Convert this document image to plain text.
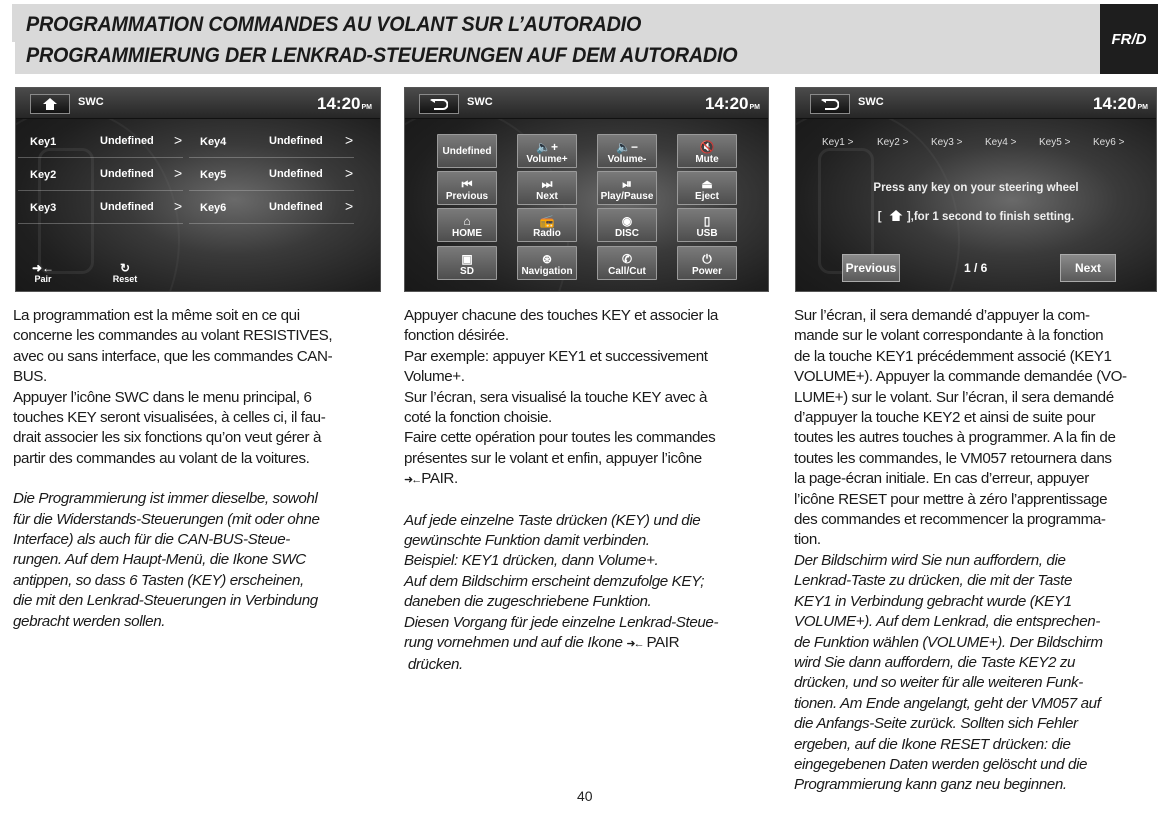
PROGRAMMATION COMMANDES AU VOLANT SUR L’AUTORADIO
PROGRAMMIERUNG DER LENKRAD-STEUERUNGEN AUF DEM AUTORADIO
FR/D
SWC	14:20PM
Key1	Undefined >
Key2	Undefined >
Key3	Undefined >
Key4	Undefined >
Key5	Undefined >
Key6	Undefined >
➜←
Pair
↻
Reset
SWC	14:20PM
Undefined	🔈+
Volume+
🔈−
Volume-
🔇
Mute
⏮
Previous
⏭
Next
⏯
Play/Pause
⏏
Eject
⌂
HOME
📻
Radio
◉
DISC
▯
USB
▣
SD
⊛
Navigation
✆
Call/Cut
⏻
Power
SWC	14:20PM
Key1 > Key2 > Key3 > Key4 > Key5 > Key6 >
Press any key on your steering wheel
[ ],for 1 second to finish setting.
Previous	1 / 6	Next

La programmation est la même soit en ce qui
concerne les commandes au volant RESISTIVES,
avec ou sans interface, que les commandes CAN-
BUS.
Appuyer l’icône SWC dans le menu principal, 6
touches KEY seront visualisées, à celles ci, il fau-
drait associer les six fonctions qu’on veut gérer à
partir des commandes au volant de la voitures.

Die Programmierung ist immer dieselbe, sowohl
für die Widerstands-Steuerungen (mit oder ohne
Interface) als auch für die CAN-BUS-Steue-
rungen. Auf dem Haupt-Menü, die Ikone SWC
antippen, so dass 6 Tasten (KEY) erscheinen,
die mit den Lenkrad-Steuerungen in Verbindung
gebracht werden sollen.

Appuyer chacune des touches KEY et associer la
fonction désirée.
Par exemple: appuyer KEY1 et successivement
Volume+.
Sur l’écran, sera visualisé la touche KEY avec à
coté la fonction choisie.
Faire cette opération pour toutes les commandes
présentes sur le volant et enfin, appuyer l’icône

➜← PAIR.

Auf jede einzelne Taste drücken (KEY) und die
gewünschte Funktion damit verbinden.
Beispiel: KEY1 drücken, dann Volume+.
Auf dem Bildschirm erscheint demzufolge KEY;
daneben die zugeschriebene Funktion.
Diesen Vorgang für jede einzelne Lenkrad-Steue-

rung vornehmen und auf die Ikone ➜← PAIR

drücken.

Sur l’écran, il sera demandé d’appuyer la com-
mande sur le volant correspondante à la fonction
de la touche KEY1 précédemment associé (KEY1
VOLUME+). Appuyer la commande demandée (VO-
LUME+) sur le volant. Sur l’écran, il sera demandé
d’appuyer la touche KEY2 et ainsi de suite pour
toutes les autres touches à programmer. A la fin de
toutes les commandes, le VM057 retournera dans
la page-écran initiale. En cas d’erreur, appuyer
l’icône RESET pour mettre à zéro l’apprentissage
des commandes et recommencer la programma-
tion.

Der Bildschirm wird Sie nun auffordern, die
Lenkrad-Taste zu drücken, die mit der Taste
KEY1 in Verbindung gebracht wurde (KEY1
VOLUME+). Auf dem Lenkrad, die entsprechen-
de Funktion wählen (VOLUME+). Der Bildschirm
wird Sie dann auffordern, die Taste KEY2 zu
drücken, und so weiter für alle weiteren Funk-
tionen. Am Ende angelangt, geht der VM057 auf
die Anfangs-Seite zurück. Sollten sich Fehler
ergeben, auf die Ikone RESET drücken: die
eingegebenen Daten werden gelöscht und die
Programmierung kann ganz neu beginnen.

40
